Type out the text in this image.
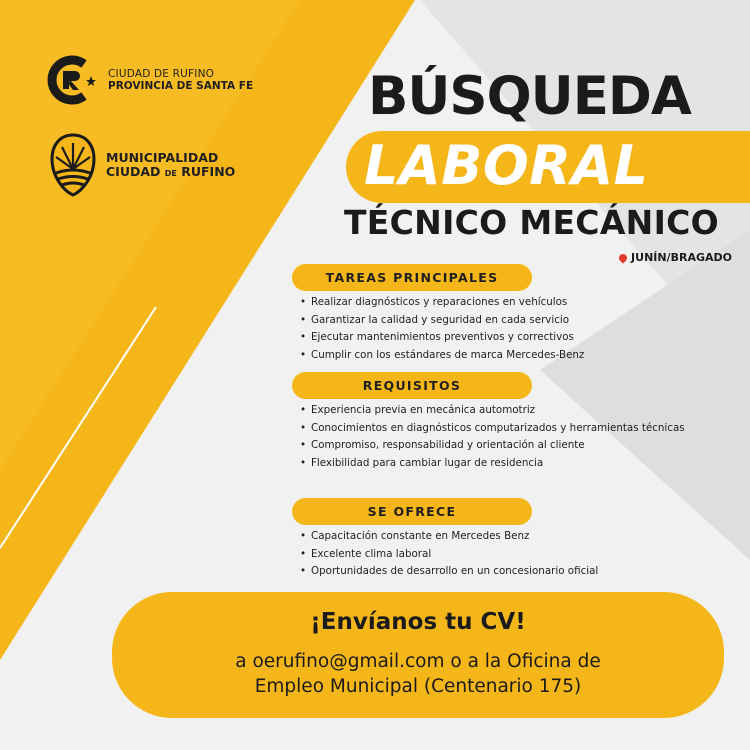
CIUDAD DE RUFINO
PROVINCIA DE SANTA FE
MUNICIPALIDAD
CIUDAD DE RUFINO
BÚSQUEDA
LABORAL
TÉCNICO MECÁNICO
JUNÍN/BRAGADO
TAREAS PRINCIPALES
• Realizar diagnósticos y reparaciones en vehículos
• Garantizar la calidad y seguridad en cada servicio
• Ejecutar mantenimientos preventivos y correctivos
• Cumplir con los estándares de marca Mercedes-Benz
REQUISITOS
• Experiencia previa en mecánica automotriz
• Conocimientos en diagnósticos computarizados y herramientas técnicas
• Compromiso, responsabilidad y orientación al cliente
• Flexibilidad para cambiar lugar de residencia
SE OFRECE
• Capacitación constante en Mercedes Benz
• Excelente clima laboral
• Oportunidades de desarrollo en un concesionario oficial
¡Envíanos tu CV!
a oerufino@gmail.com o a la Oficina de
Empleo Municipal (Centenario 175)
